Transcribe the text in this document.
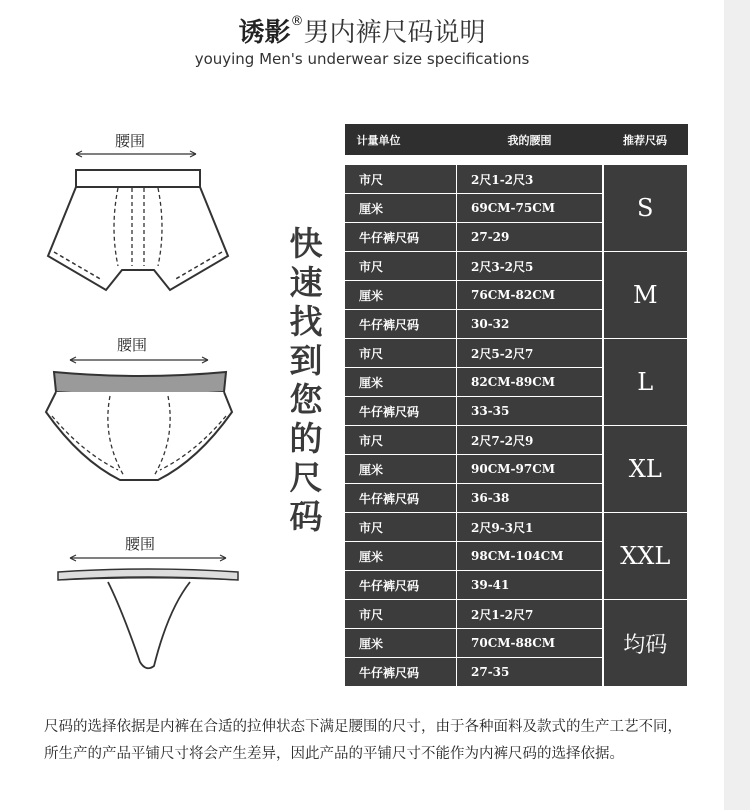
诱影®男内裤尺码说明
youying Men's underwear size specifications
腰围
腰围
腰围
快
速
找
到
您
的
尺
码
计量单位	我的腰围	推荐尺码
市尺	2尺1-2尺3	S
厘米	69CM-75CM	
牛仔裤尺码	27-29	
市尺	2尺3-2尺5	M
厘米	76CM-82CM	
牛仔裤尺码	30-32	
市尺	2尺5-2尺7	L
厘米	82CM-89CM	
牛仔裤尺码	33-35	
市尺	2尺7-2尺9	XL
厘米	90CM-97CM	
牛仔裤尺码	36-38	
市尺	2尺9-3尺1	XXL
厘米	98CM-104CM	
牛仔裤尺码	39-41	
市尺	2尺1-2尺7	均码
厘米	70CM-88CM	
牛仔裤尺码	27-35	
尺码的选择依据是内裤在合适的拉伸状态下满足腰围的尺寸，由于各种面料及款式的生产工艺不同，所生产的产品平铺尺寸将会产生差异，因此产品的平铺尺寸不能作为内裤尺码的选择依据。
